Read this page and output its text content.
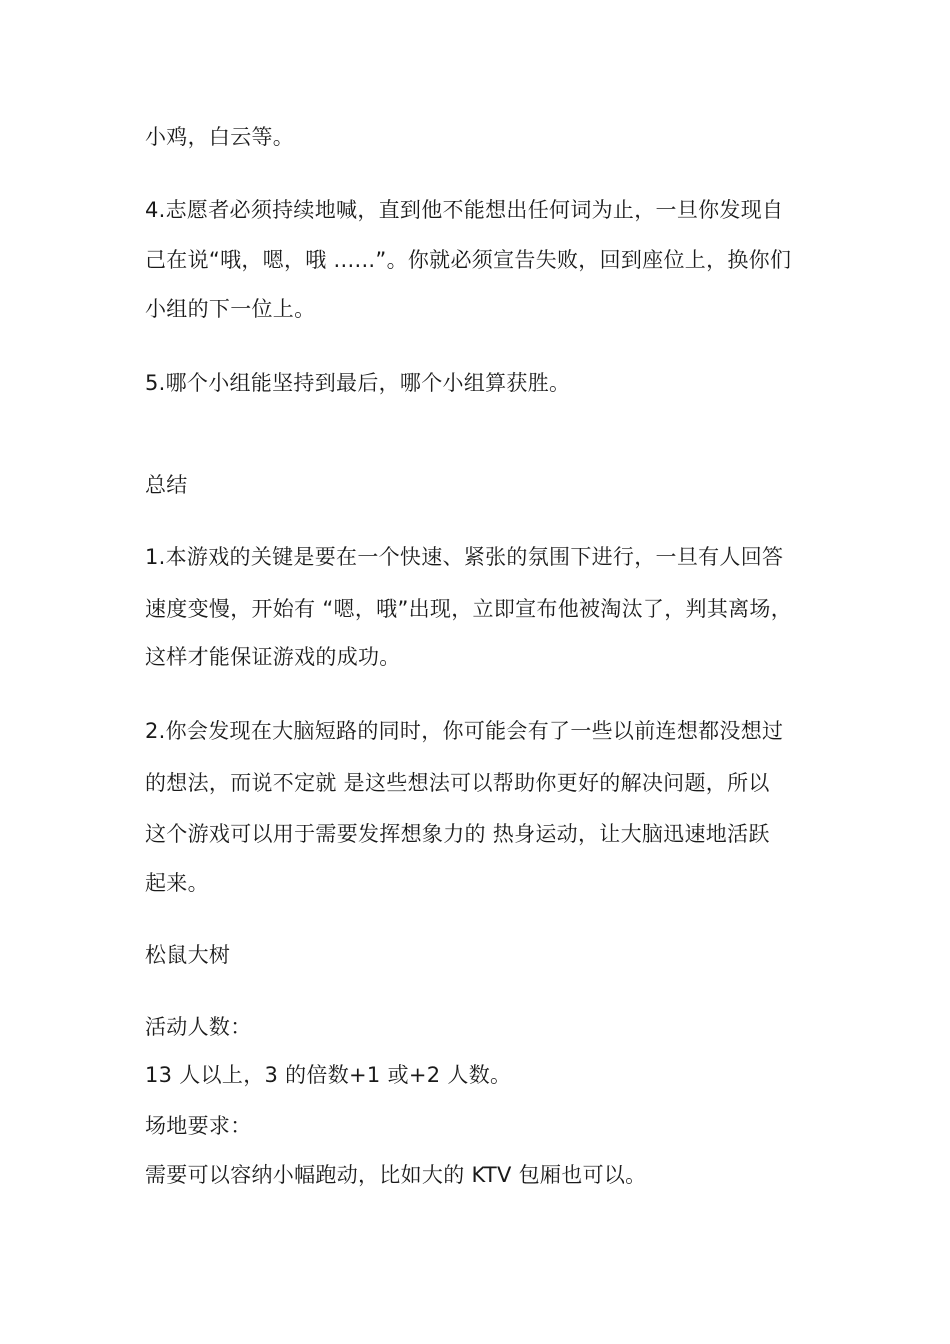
小鸡，白云等。
4.志愿者必须持续地喊，直到他不能想出任何词为止，一旦你发现自
己在说“哦，嗯，哦 ......”。你就必须宣告失败，回到座位上，换你们
小组的下一位上。
5.哪个小组能坚持到最后，哪个小组算获胜。
总结
1.本游戏的关键是要在一个快速、紧张的氛围下进行，一旦有人回答
速度变慢，开始有 “嗯，哦”出现，立即宣布他被淘汰了，判其离场，
这样才能保证游戏的成功。
2.你会发现在大脑短路的同时，你可能会有了一些以前连想都没想过
的想法，而说不定就 是这些想法可以帮助你更好的解决问题，所以
这个游戏可以用于需要发挥想象力的 热身运动，让大脑迅速地活跃
起来。
松鼠大树
活动人数：
13 人以上，3 的倍数+1 或+2 人数。
场地要求：
需要可以容纳小幅跑动，比如大的 KTV 包厢也可以。
